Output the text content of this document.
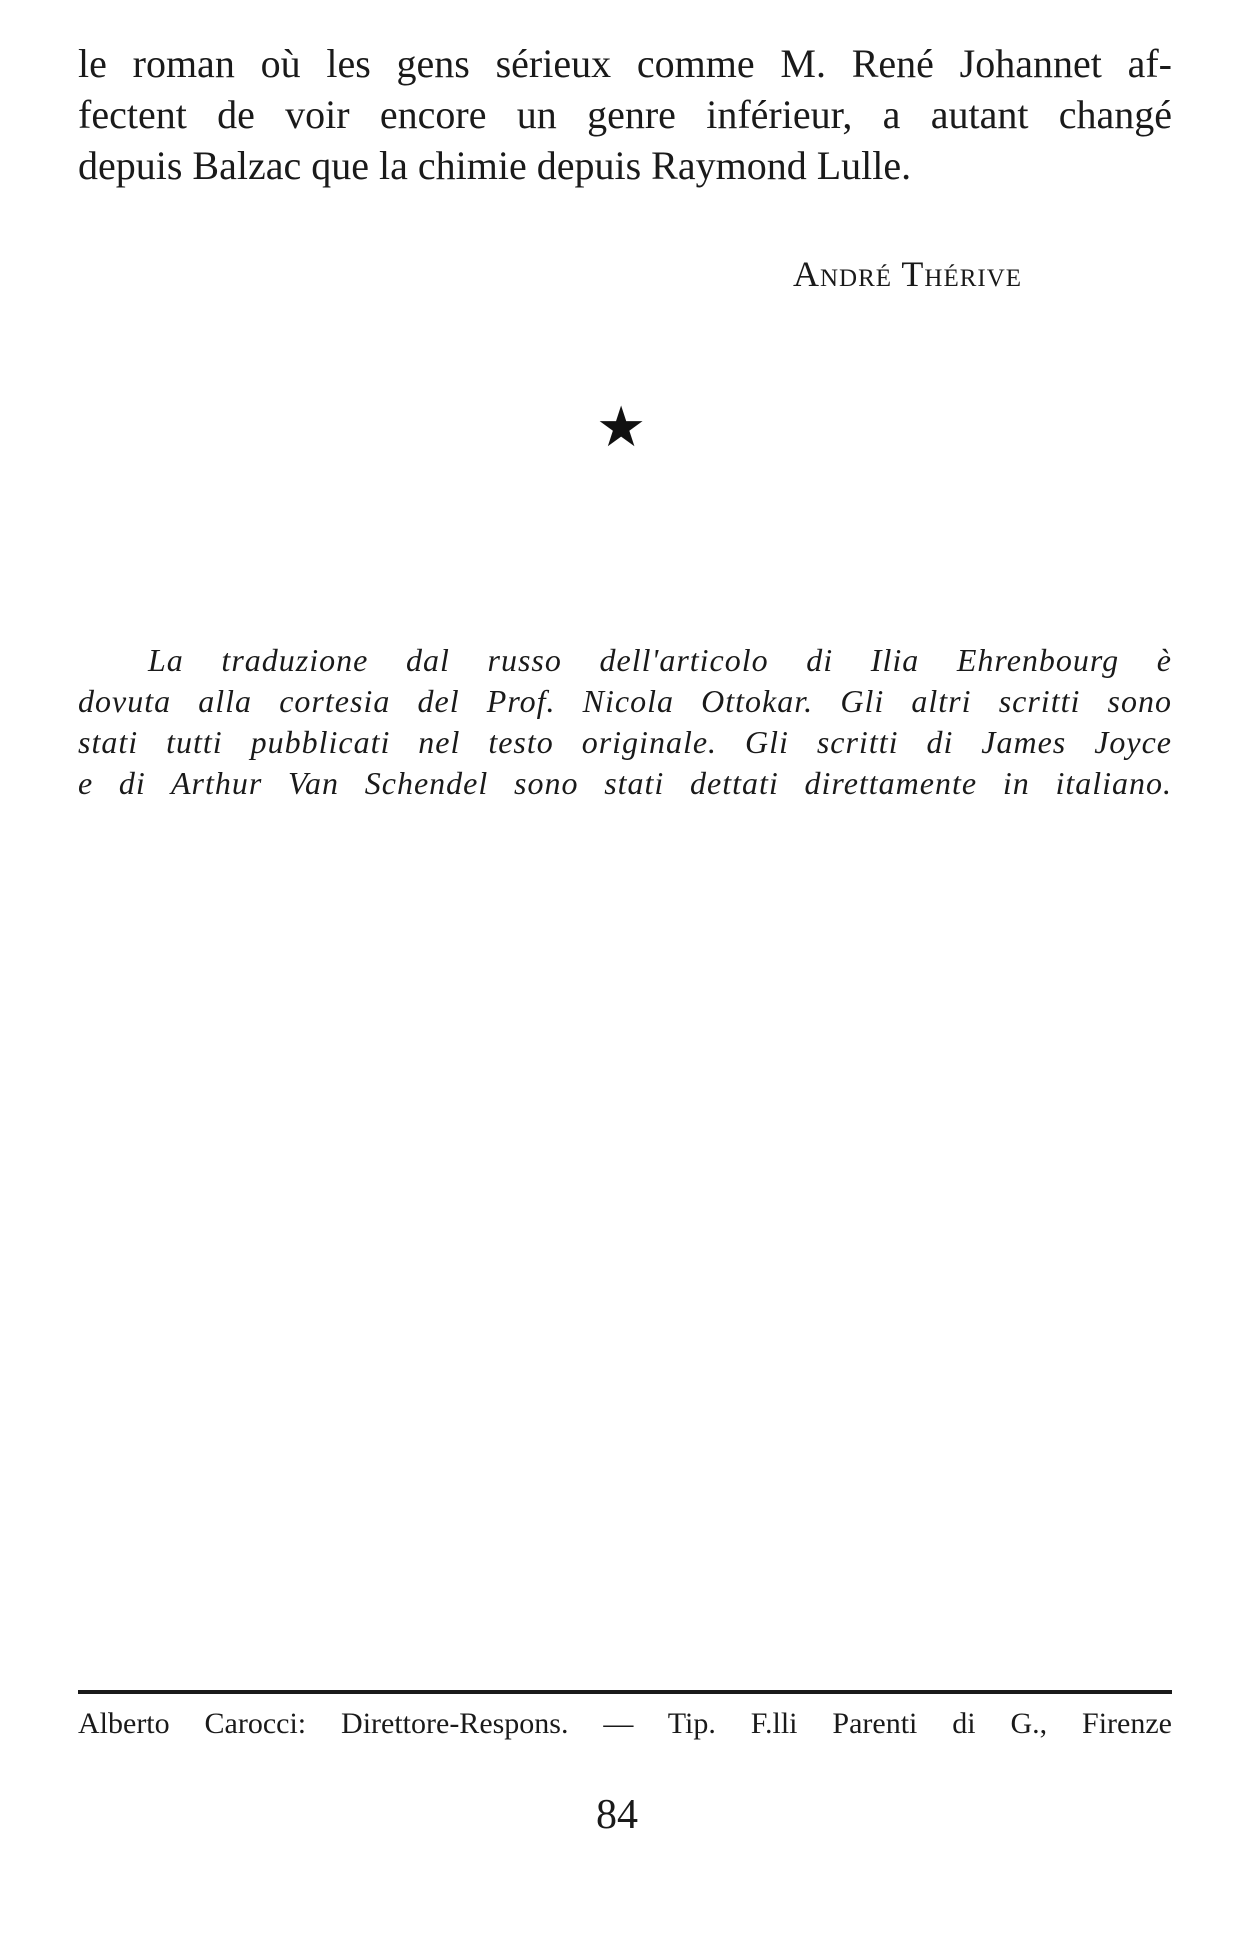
le roman où les gens sérieux comme M. René Johannet af-
fectent de voir encore un genre inférieur, a autant changé
depuis Balzac que la chimie depuis Raymond Lulle.
André Thérive
★
La traduzione dal russo dell'articolo di Ilia Ehrenbourg è
dovuta alla cortesia del Prof. Nicola Ottokar. Gli altri scritti sono
stati tutti pubblicati nel testo originale. Gli scritti di James Joyce
e di Arthur Van Schendel sono stati dettati direttamente in italiano.
Alberto Carocci: Direttore-Respons. — Tip. F.lli Parenti di G., Firenze
84
